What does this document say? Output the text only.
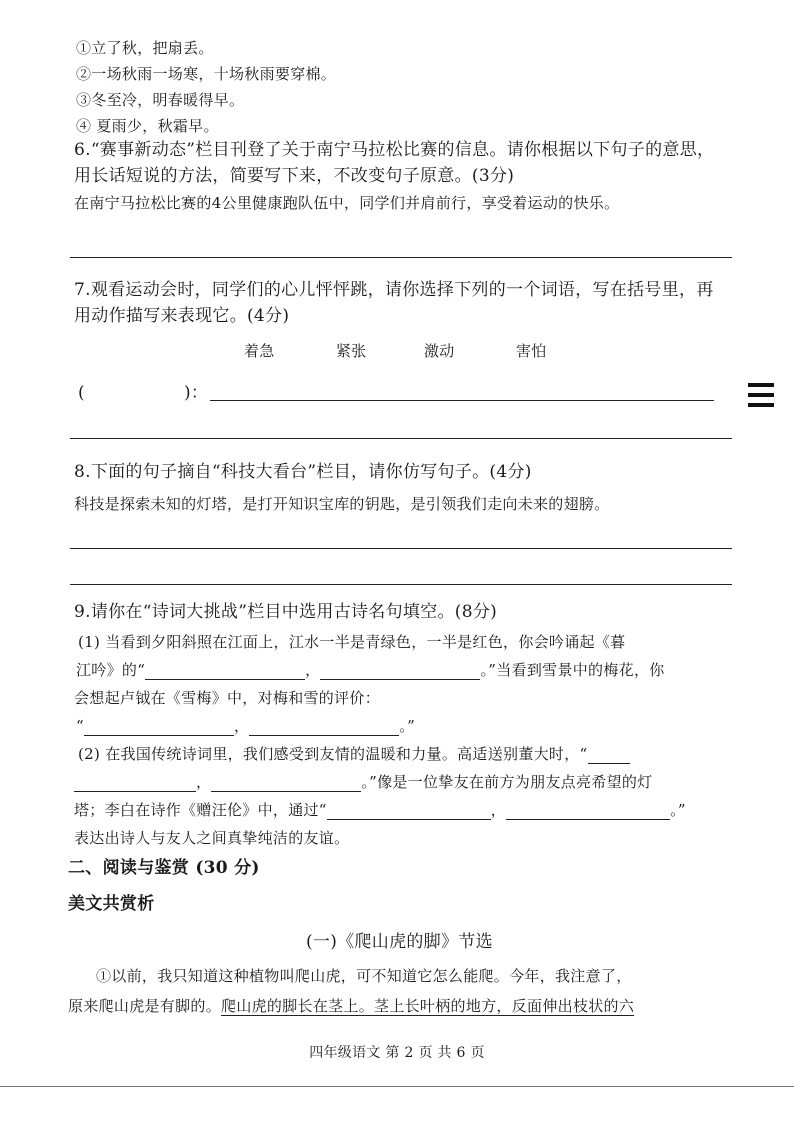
①立了秋，把扇丢。
②一场秋雨一场寒，十场秋雨要穿棉。
③冬至冷，明春暖得早。
④ 夏雨少，秋霜早。
6.“赛事新动态”栏目刊登了关于南宁马拉松比赛的信息。请你根据以下句子的意思，
用长话短说的方法，简要写下来，不改变句子原意。(3分)
在南宁马拉松比赛的4公里健康跑队伍中，同学们并肩前行，享受着运动的快乐。
7.观看运动会时，同学们的心儿怦怦跳，请你选择下列的一个词语，写在括号里，再
用动作描写来表现它。(4分)
着急	紧张	激动	害怕
(	)：
8.下面的句子摘自“科技大看台”栏目，请你仿写句子。(4分)
科技是探索未知的灯塔，是打开知识宝库的钥匙，是引领我们走向未来的翅膀。
9.请你在“诗词大挑战”栏目中选用古诗名句填空。(8分)
(1) 当看到夕阳斜照在江面上，江水一半是青绿色，一半是红色，你会吟诵起《暮
江吟》的“	，	。”当看到雪景中的梅花，你
会想起卢钺在《雪梅》中，对梅和雪的评价：
“	，	。”
(2) 在我国传统诗词里，我们感受到友情的温暖和力量。高适送别董大时，“
，	。”像是一位挚友在前方为朋友点亮希望的灯
塔；李白在诗作《赠汪伦》中，通过“	，	。”
表达出诗人与友人之间真挚纯洁的友谊。
二、阅读与鉴赏 (30 分)
美文共赏析
(一)《爬山虎的脚》节选
①以前，我只知道这种植物叫爬山虎，可不知道它怎么能爬。今年，我注意了，
原来爬山虎是有脚的。爬山虎的脚长在茎上。茎上长叶柄的地方，反面伸出枝状的六
四年级语文 第 2 页 共 6 页
